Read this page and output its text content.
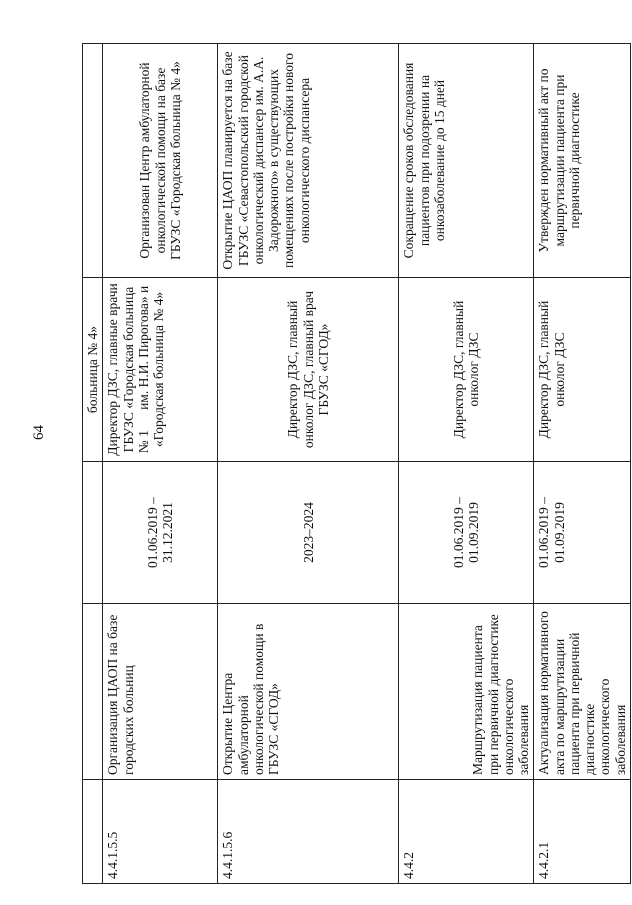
64
			больница № 4»	
4.4.1.5.5	Организация ЦАОП на базе городских больниц	01.06.2019 – 31.12.2021	Директор ДЗС, главные врачи ГБУЗС «Городская больница № 1      им. Н.И. Пирогова» и «Городская больница № 4»	Организован Центр амбулаторной онкологической помощи на базе ГБУЗС «Городская больница № 4»
4.4.1.5.6	Открытие Центра амбулаторной онкологической помощи в ГБУЗС «СГОД»	2023–2024	Директор ДЗС, главный онколог ДЗС, главный врач ГБУЗС «СГОД»	Открытие ЦАОП планируется на базе ГБУЗС «Севастопольский городской онкологический диспансер им. А.А. Задорожного» в существующих помещениях после постройки нового онкологического диспансера
4.4.2	Маршрутизация пациента при первичной диагностике онкологического заболевания	01.06.2019 – 01.09.2019	Директор ДЗС, главный онколог ДЗС	Сокращение сроков обследования пациентов при подозрении на онкозаболевание до 15 дней
4.4.2.1	Актуализация нормативного акта по маршрутизации пациента при первичной диагностике онкологического заболевания	01.06.2019 – 01.09.2019	Директор ДЗС, главный онколог ДЗС	Утвержден нормативный акт по маршрутизации пациента при первичной диагностике
